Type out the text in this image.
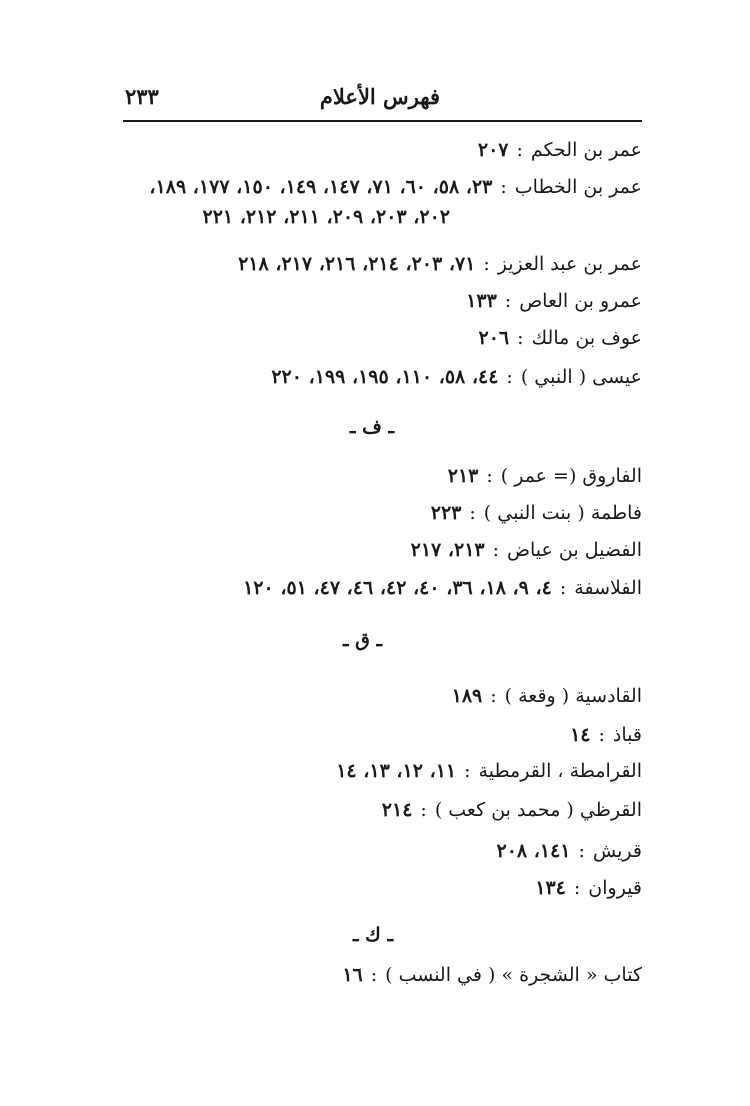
فهرس الأعلام
٢٣٣
عمر بن الحكم:٢٠٧
عمر بن الخطاب:٢٣، ٥٨، ٦٠، ٧١، ١٤٧، ١٤٩، ١٥٠، ١٧٧، ١٨٩،
٢٠٢، ٢٠٣، ٢٠٩، ٢١١، ٢١٢، ٢٢١
عمر بن عبد العزيز:٧١، ٢٠٣، ٢١٤، ٢١٦، ٢١٧، ٢١٨
عمرو بن العاص:١٣٣
عوف بن مالك:٢٠٦
عيسى ( النبي ):٤٤، ٥٨، ١١٠، ١٩٥، ١٩٩، ٢٢٠
ـ ف ـ
الفاروق (= عمر ):٢١٣
فاطمة ( بنت النبي ):٢٢٣
الفضيل بن عياض:٢١٣، ٢١٧
الفلاسفة:٤، ٩، ١٨، ٣٦، ٤٠، ٤٢، ٤٦، ٤٧، ٥١، ١٢٠
ـ ق ـ
القادسية ( وقعة ):١٨٩
قباذ:١٤
القرامطة ، القرمطية:١١، ١٢، ١٣، ١٤
القرظي ( محمد بن كعب ):٢١٤
قريش:١٤١، ٢٠٨
قيروان:١٣٤
ـ ك ـ
كتاب « الشجرة » ( في النسب ):١٦
